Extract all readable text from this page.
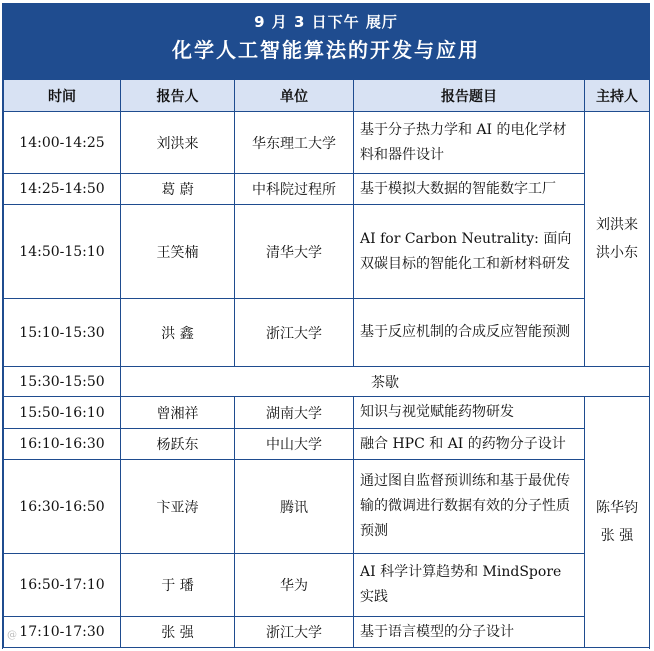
9 月 3 日下午 展厅
化学人工智能算法的开发与应用
时间	报告人	单位	报告题目	主持人
14:00-14:25	刘洪来	华东理工大学	基于分子热力学和 AI 的电化学材料和器件设计	刘洪来
洪小东

14:25-14:50	葛 蔚	中科院过程所	基于模拟大数据的智能数字工厂	
14:50-15:10	王笑楠	清华大学	AI for Carbon Neutrality: 面向双碳目标的智能化工和新材料研发	
15:10-15:30	洪 鑫	浙江大学	基于反应机制的合成反应智能预测	
15:30-15:50	茶歇			
15:50-16:10	曾湘祥	湖南大学	知识与视觉赋能药物研发	陈华钧
张 强

16:10-16:30	杨跃东	中山大学	融合 HPC 和 AI 的药物分子设计	
16:30-16:50	卞亚涛	腾讯	通过图自监督预训练和基于最优传输的微调进行数据有效的分子性质预测	
16:50-17:10	于 璠	华为	AI 科学计算趋势和 MindSpore 实践	
17:10-17:30	张 强	浙江大学	基于语言模型的分子设计	
@
